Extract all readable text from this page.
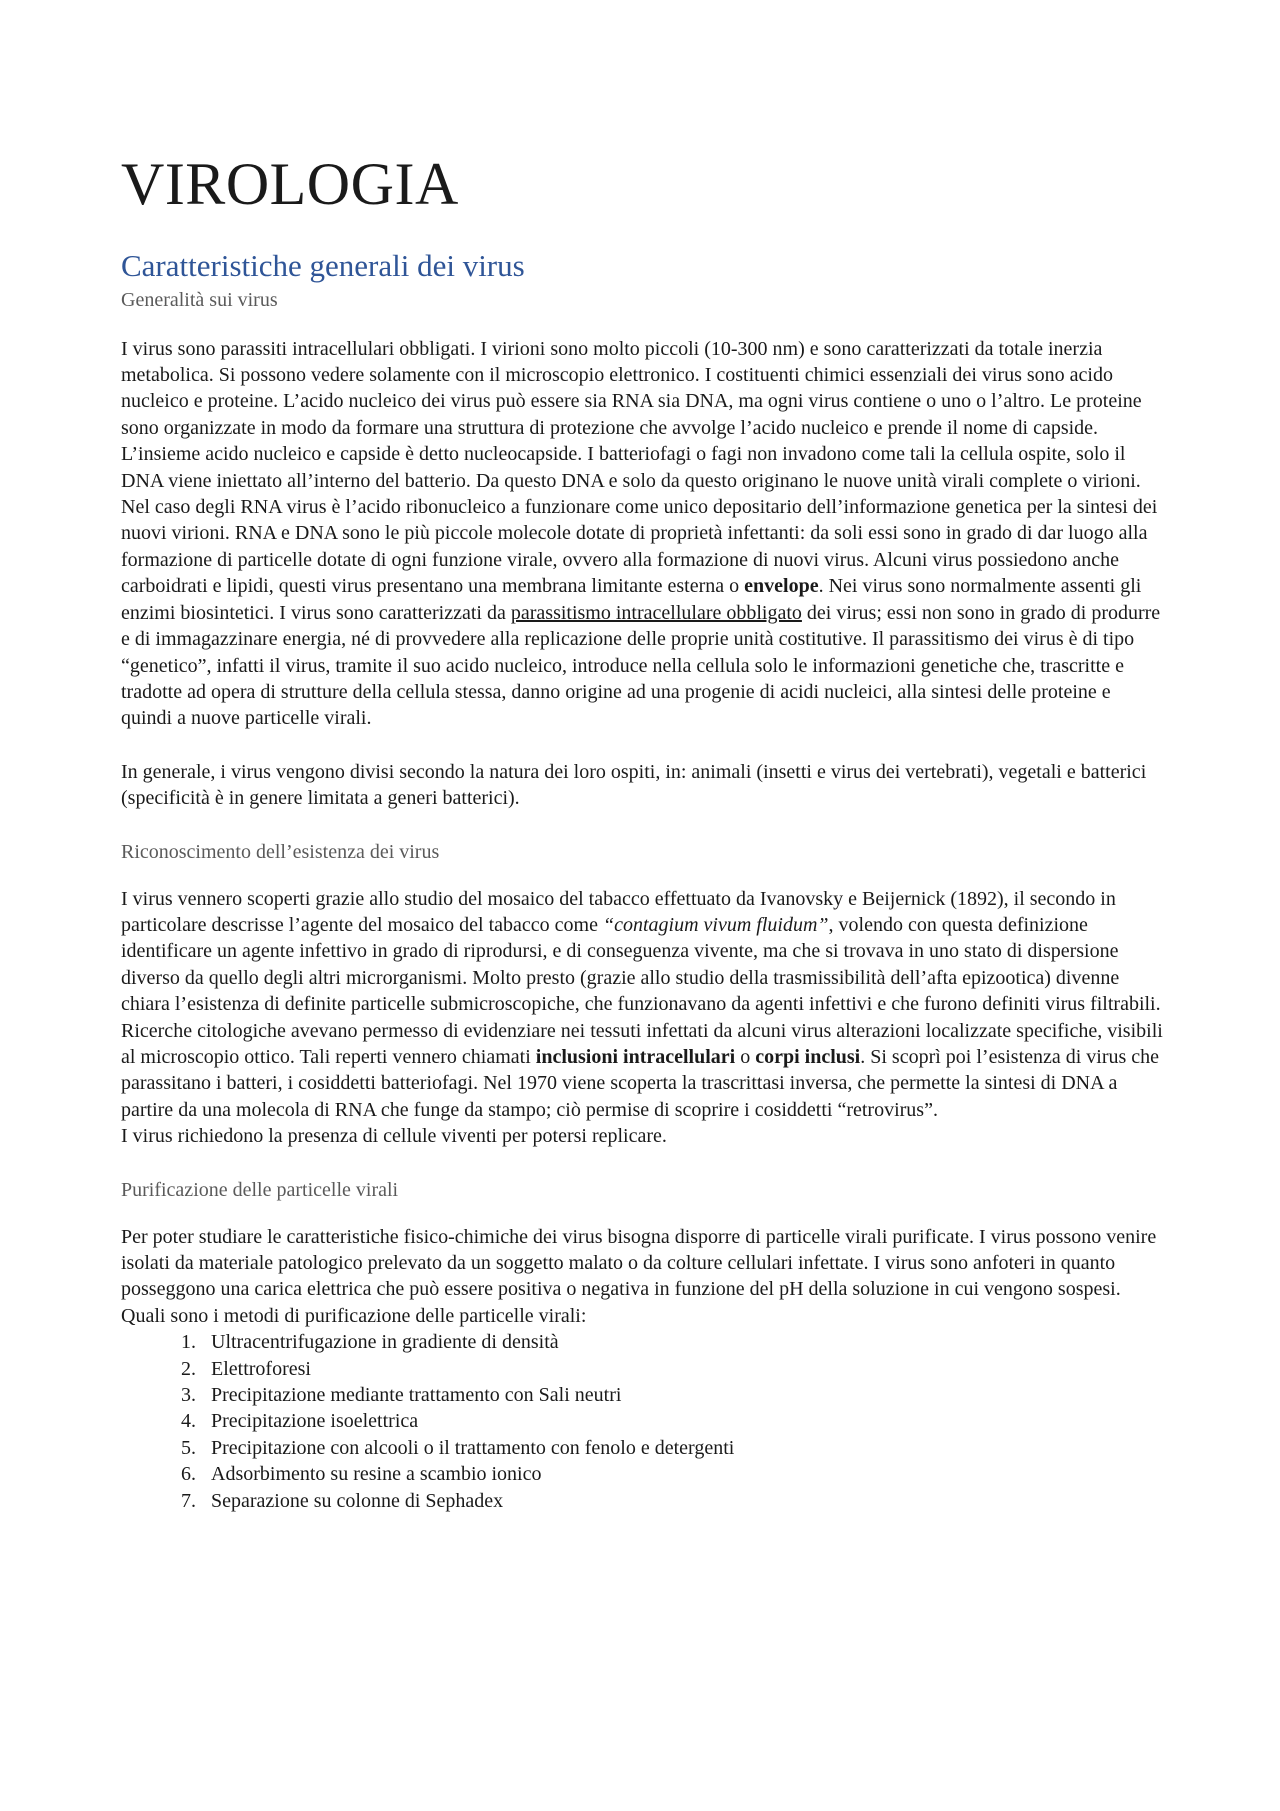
VIROLOGIA
Caratteristiche generali dei virus
Generalità sui virus

I virus sono parassiti intracellulari obbligati. I virioni sono molto piccoli (10-300 nm) e sono caratterizzati da totale inerzia metabolica. Si possono vedere solamente con il microscopio elettronico. I costituenti chimici essenziali dei virus sono acido nucleico e proteine. L’acido nucleico dei virus può essere sia RNA sia DNA, ma ogni virus contiene o uno o l’altro. Le proteine sono organizzate in modo da formare una struttura di protezione che avvolge l’acido nucleico e prende il nome di capside. L’insieme acido nucleico e capside è detto nucleocapside. I batteriofagi o fagi non invadono come tali la cellula ospite, solo il DNA viene iniettato all’interno del batterio. Da questo DNA e solo da questo originano le nuove unità virali complete o virioni. Nel caso degli RNA virus è l’acido ribonucleico a funzionare come unico depositario dell’informazione genetica per la sintesi dei nuovi virioni. RNA e DNA sono le più piccole molecole dotate di proprietà infettanti: da soli essi sono in grado di dar luogo alla formazione di particelle dotate di ogni funzione virale, ovvero alla formazione di nuovi virus. Alcuni virus possiedono anche carboidrati e lipidi, questi virus presentano una membrana limitante esterna o envelope. Nei virus sono normalmente assenti gli enzimi biosintetici. I virus sono caratterizzati da parassitismo intracellulare obbligato dei virus; essi non sono in grado di produrre e di immagazzinare energia, né di provvedere alla replicazione delle proprie unità costitutive. Il parassitismo dei virus è di tipo “genetico”, infatti il virus, tramite il suo acido nucleico, introduce nella cellula solo le informazioni genetiche che, trascritte e tradotte ad opera di strutture della cellula stessa, danno origine ad una progenie di acidi nucleici, alla sintesi delle proteine e quindi a nuove particelle virali.

In generale, i virus vengono divisi secondo la natura dei loro ospiti, in: animali (insetti e virus dei vertebrati), vegetali e batterici (specificità è in genere limitata a generi batterici).

Riconoscimento dell’esistenza dei virus

I virus vennero scoperti grazie allo studio del mosaico del tabacco effettuato da Ivanovsky e Beijernick (1892), il secondo in particolare descrisse l’agente del mosaico del tabacco come “contagium vivum fluidum”, volendo con questa definizione identificare un agente infettivo in grado di riprodursi, e di conseguenza vivente, ma che si trovava in uno stato di dispersione diverso da quello degli altri microrganismi. Molto presto (grazie allo studio della trasmissibilità dell’afta epizootica) divenne chiara l’esistenza di definite particelle submicroscopiche, che funzionavano da agenti infettivi e che furono definiti virus filtrabili. Ricerche citologiche avevano permesso di evidenziare nei tessuti infettati da alcuni virus alterazioni localizzate specifiche, visibili al microscopio ottico. Tali reperti vennero chiamati inclusioni intracellulari o corpi inclusi. Si scoprì poi l’esistenza di virus che parassitano i batteri, i cosiddetti batteriofagi. Nel 1970 viene scoperta la trascrittasi inversa, che permette la sintesi di DNA a partire da una molecola di RNA che funge da stampo; ciò permise di scoprire i cosiddetti “retrovirus”.

I virus richiedono la presenza di cellule viventi per potersi replicare.

Purificazione delle particelle virali

Per poter studiare le caratteristiche fisico-chimiche dei virus bisogna disporre di particelle virali purificate. I virus possono venire isolati da materiale patologico prelevato da un soggetto malato o da colture cellulari infettate. I virus sono anfoteri in quanto posseggono una carica elettrica che può essere positiva o negativa in funzione del pH della soluzione in cui vengono sospesi.

Quali sono i metodi di purificazione delle particelle virali:

1. Ultracentrifugazione in gradiente di densità
2. Elettroforesi
3. Precipitazione mediante trattamento con Sali neutri
4. Precipitazione isoelettrica
5. Precipitazione con alcooli o il trattamento con fenolo e detergenti
6. Adsorbimento su resine a scambio ionico
7. Separazione su colonne di Sephadex
